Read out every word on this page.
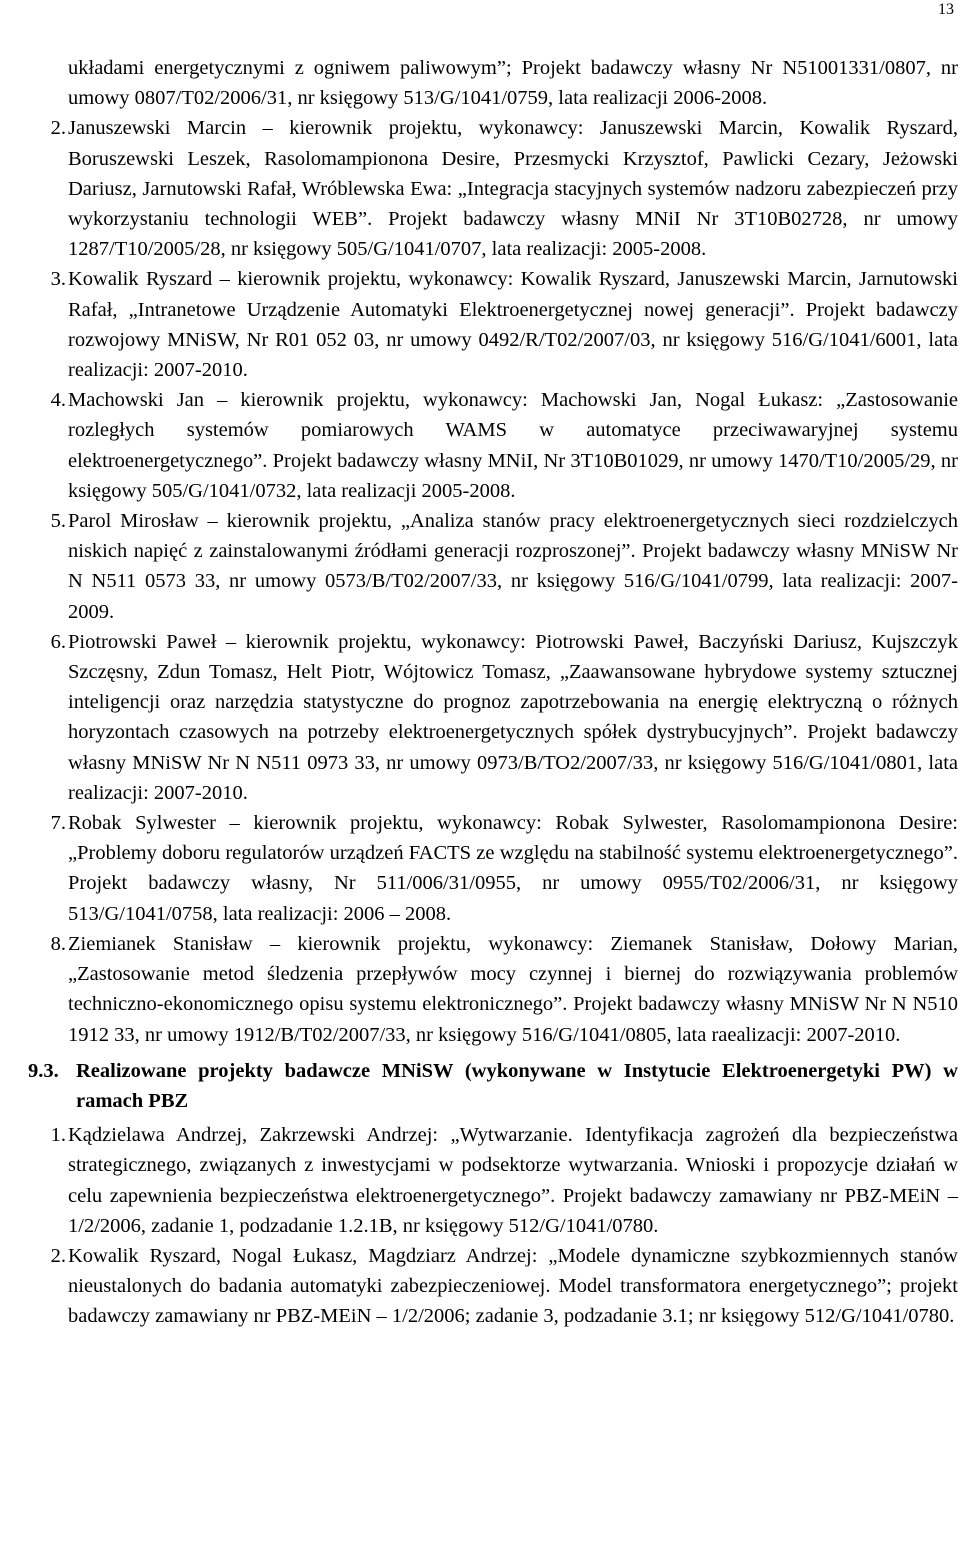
13
układami energetycznymi z ogniwem paliwowym”; Projekt badawczy własny Nr N51001331/0807, nr umowy 0807/T02/2006/31, nr księgowy 513/G/1041/0759, lata realizacji 2006-2008.
2. Januszewski Marcin – kierownik projektu, wykonawcy: Januszewski Marcin, Kowalik Ryszard, Boruszewski Leszek, Rasolomampionona Desire, Przesmycki Krzysztof, Pawlicki Cezary, Jeżowski Dariusz, Jarnutowski Rafał, Wróblewska Ewa: „Integracja stacyjnych systemów nadzoru zabezpieczeń przy wykorzystaniu technologii WEB”. Projekt badawczy własny MNiI Nr 3T10B02728, nr umowy 1287/T10/2005/28, nr księgowy 505/G/1041/0707, lata realizacji: 2005-2008.
3. Kowalik Ryszard – kierownik projektu, wykonawcy: Kowalik Ryszard, Januszewski Marcin, Jarnutowski Rafał, „Intranetowe Urządzenie Automatyki Elektroenergetycznej nowej generacji”. Projekt badawczy rozwojowy MNiSW, Nr R01 052 03, nr umowy 0492/R/T02/2007/03, nr księgowy 516/G/1041/6001, lata realizacji: 2007-2010.
4. Machowski Jan – kierownik projektu, wykonawcy: Machowski Jan, Nogal Łukasz: „Zastosowanie rozległych systemów pomiarowych WAMS w automatyce przeciwawaryjnej systemu elektroenergetycznego”. Projekt badawczy własny MNiI, Nr 3T10B01029, nr umowy 1470/T10/2005/29, nr księgowy 505/G/1041/0732, lata realizacji 2005-2008.
5. Parol Mirosław – kierownik projektu, „Analiza stanów pracy elektroenergetycznych sieci rozdzielczych niskich napięć z zainstalowanymi źródłami generacji rozproszonej”. Projekt badawczy własny MNiSW Nr N N511 0573 33, nr umowy 0573/B/T02/2007/33, nr księgowy 516/G/1041/0799, lata realizacji: 2007-2009.
6. Piotrowski Paweł – kierownik projektu, wykonawcy: Piotrowski Paweł, Baczyński Dariusz, Kujszczyk Szczęsny, Zdun Tomasz, Helt Piotr, Wójtowicz Tomasz, „Zaawansowane hybrydowe systemy sztucznej inteligencji oraz narzędzia statystyczne do prognoz zapotrzebowania na energię elektryczną o różnych horyzontach czasowych na potrzeby elektroenergetycznych spółek dystrybucyjnych”. Projekt badawczy własny MNiSW Nr N N511 0973 33, nr umowy 0973/B/TO2/2007/33, nr księgowy 516/G/1041/0801, lata realizacji: 2007-2010.
7. Robak Sylwester – kierownik projektu, wykonawcy: Robak Sylwester, Rasolomampionona Desire: „Problemy doboru regulatorów urządzeń FACTS ze względu na stabilność systemu elektroenergetycznego”. Projekt badawczy własny, Nr 511/006/31/0955, nr umowy 0955/T02/2006/31, nr księgowy 513/G/1041/0758, lata realizacji: 2006 – 2008.
8. Ziemianek Stanisław – kierownik projektu, wykonawcy: Ziemanek Stanisław, Dołowy Marian, „Zastosowanie metod śledzenia przepływów mocy czynnej i biernej do rozwiązywania problemów techniczno-ekonomicznego opisu systemu elektronicznego”. Projekt badawczy własny MNiSW Nr N N510 1912 33, nr umowy 1912/B/T02/2007/33, nr księgowy 516/G/1041/0805, lata raealizacji: 2007-2010.
9.3. Realizowane projekty badawcze MNiSW (wykonywane w Instytucie Elektroenergetyki PW) w ramach PBZ
1. Kądzielawa Andrzej, Zakrzewski Andrzej: „Wytwarzanie. Identyfikacja zagrożeń dla bezpieczeństwa strategicznego, związanych z inwestycjami w podsektorze wytwarzania. Wnioski i propozycje działań w celu zapewnienia bezpieczeństwa elektroenergetycznego”. Projekt badawczy zamawiany nr PBZ-MEiN –1/2/2006, zadanie 1, podzadanie 1.2.1B, nr księgowy 512/G/1041/0780.
2. Kowalik Ryszard, Nogal Łukasz, Magdziarz Andrzej: „Modele dynamiczne szybkozmiennych stanów nieustalonych do badania automatyki zabezpieczeniowej. Model transformatora energetycznego”; projekt badawczy zamawiany nr PBZ-MEiN – 1/2/2006; zadanie 3, podzadanie 3.1; nr księgowy 512/G/1041/0780.
